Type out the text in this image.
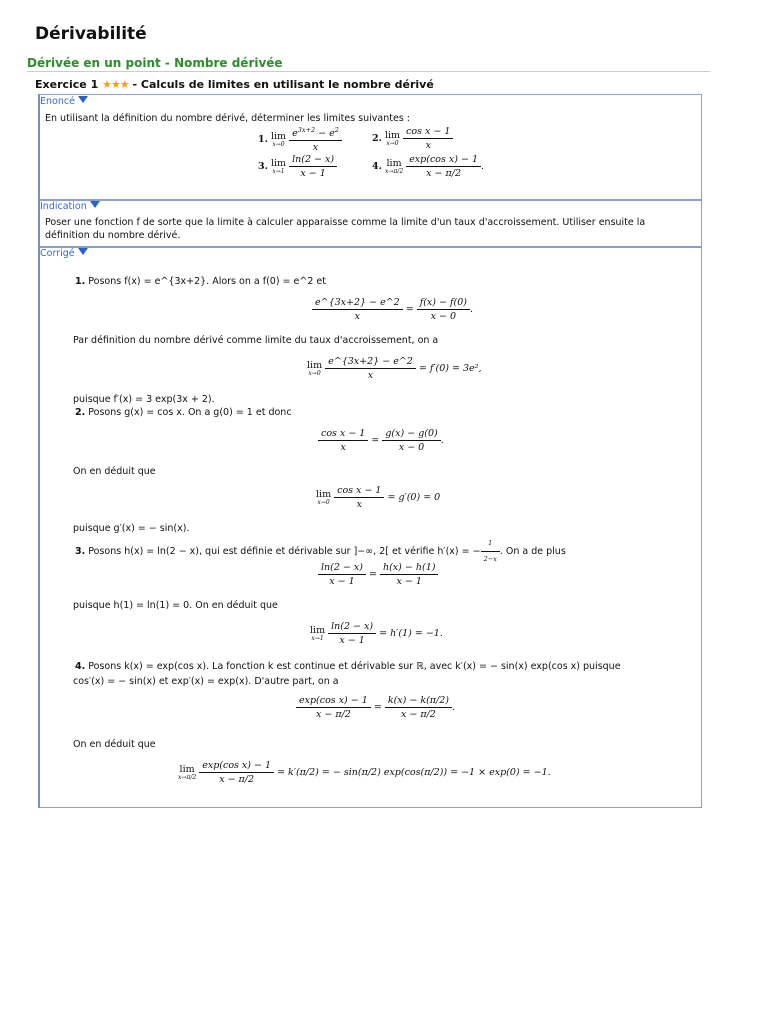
Dérivabilité
Dérivée en un point - Nombre dérivée
Exercice 1 ★★★ - Calculs de limites en utilisant le nombre dérivé
Enoncé
En utilisant la définition du nombre dérivé, déterminer les limites suivantes :
1. lim
x→0
$\frac{e^{3x+2} - e^2}{x}$	2. lim
x→0
$\frac{\text{cos x − 1}}{x}$
3. lim
x→1
$\frac{\ln(2 - x)}{x - 1}$	4. lim
x→π/2
$\frac{\text{exp(cos x) − 1}}{x - \pi/2}$ .
Indication
Poser une fonction f de sorte que la limite à calculer apparaisse comme la limite d'un taux d'accroissement. Utiliser ensuite la définition du nombre dérivé.
Corrigé
1. Posons f(x) = e^{3x+2}. Alors on a f(0) = e^2 et
$\frac{e\^{}\{3x+2\} - e\^{}2}{x} = \frac{f(x) - f(0)}{x - 0}$ .
Par définition du nombre dérivé comme limite du taux d'accroissement, on a
lim
x→0
$\frac{e\^{}\{3x+2\} - e\^{}2}{x} = f'(0) = 3e^2$,
puisque f′(x) = 3 exp(3x + 2).
2. Posons g(x) = cos x. On a g(0) = 1 et donc
$\frac{\text{cos x − 1}}{x} = \frac{g(x) - g(0)}{x - 0}$ .
On en déduit que
lim
x→0
$\frac{\text{cos x − 1}}{x} = g'(0) = 0$
puisque g′(x) = − sin(x).
3. Posons h(x) = ln(2 − x), qui est définie et dérivable sur ]−∞, 2[ et vérifie h′(x) = − $\frac{1}{2-x}$ . On a de plus
$\frac{\ln(2 - x)}{x - 1} = \frac{h(x) - h(1)}{x - 1}$
puisque h(1) = ln(1) = 0. On en déduit que
lim
x→1
$\frac{\ln(2 - x)}{x - 1} = h'(1) = -1$.
4. Posons k(x) = exp(cos x). La fonction k est continue et dérivable sur ℝ, avec k′(x) = − sin(x) exp(cos x) puisque
cos′(x) = − sin(x) et exp′(x) = exp(x). D'autre part, on a
$\frac{\text{exp(cos x) − 1}}{x - \pi/2} = \frac{k(x) - k(\pi/2)}{x - \pi/2}$ .
On en déduit que
lim
x→π/2
$\frac{\text{exp(cos x) − 1}}{x - \pi/2} = k'(\pi/2)$ = − sin(π/2) exp(cos(π/2)) = −1 × exp(0) = −1.
